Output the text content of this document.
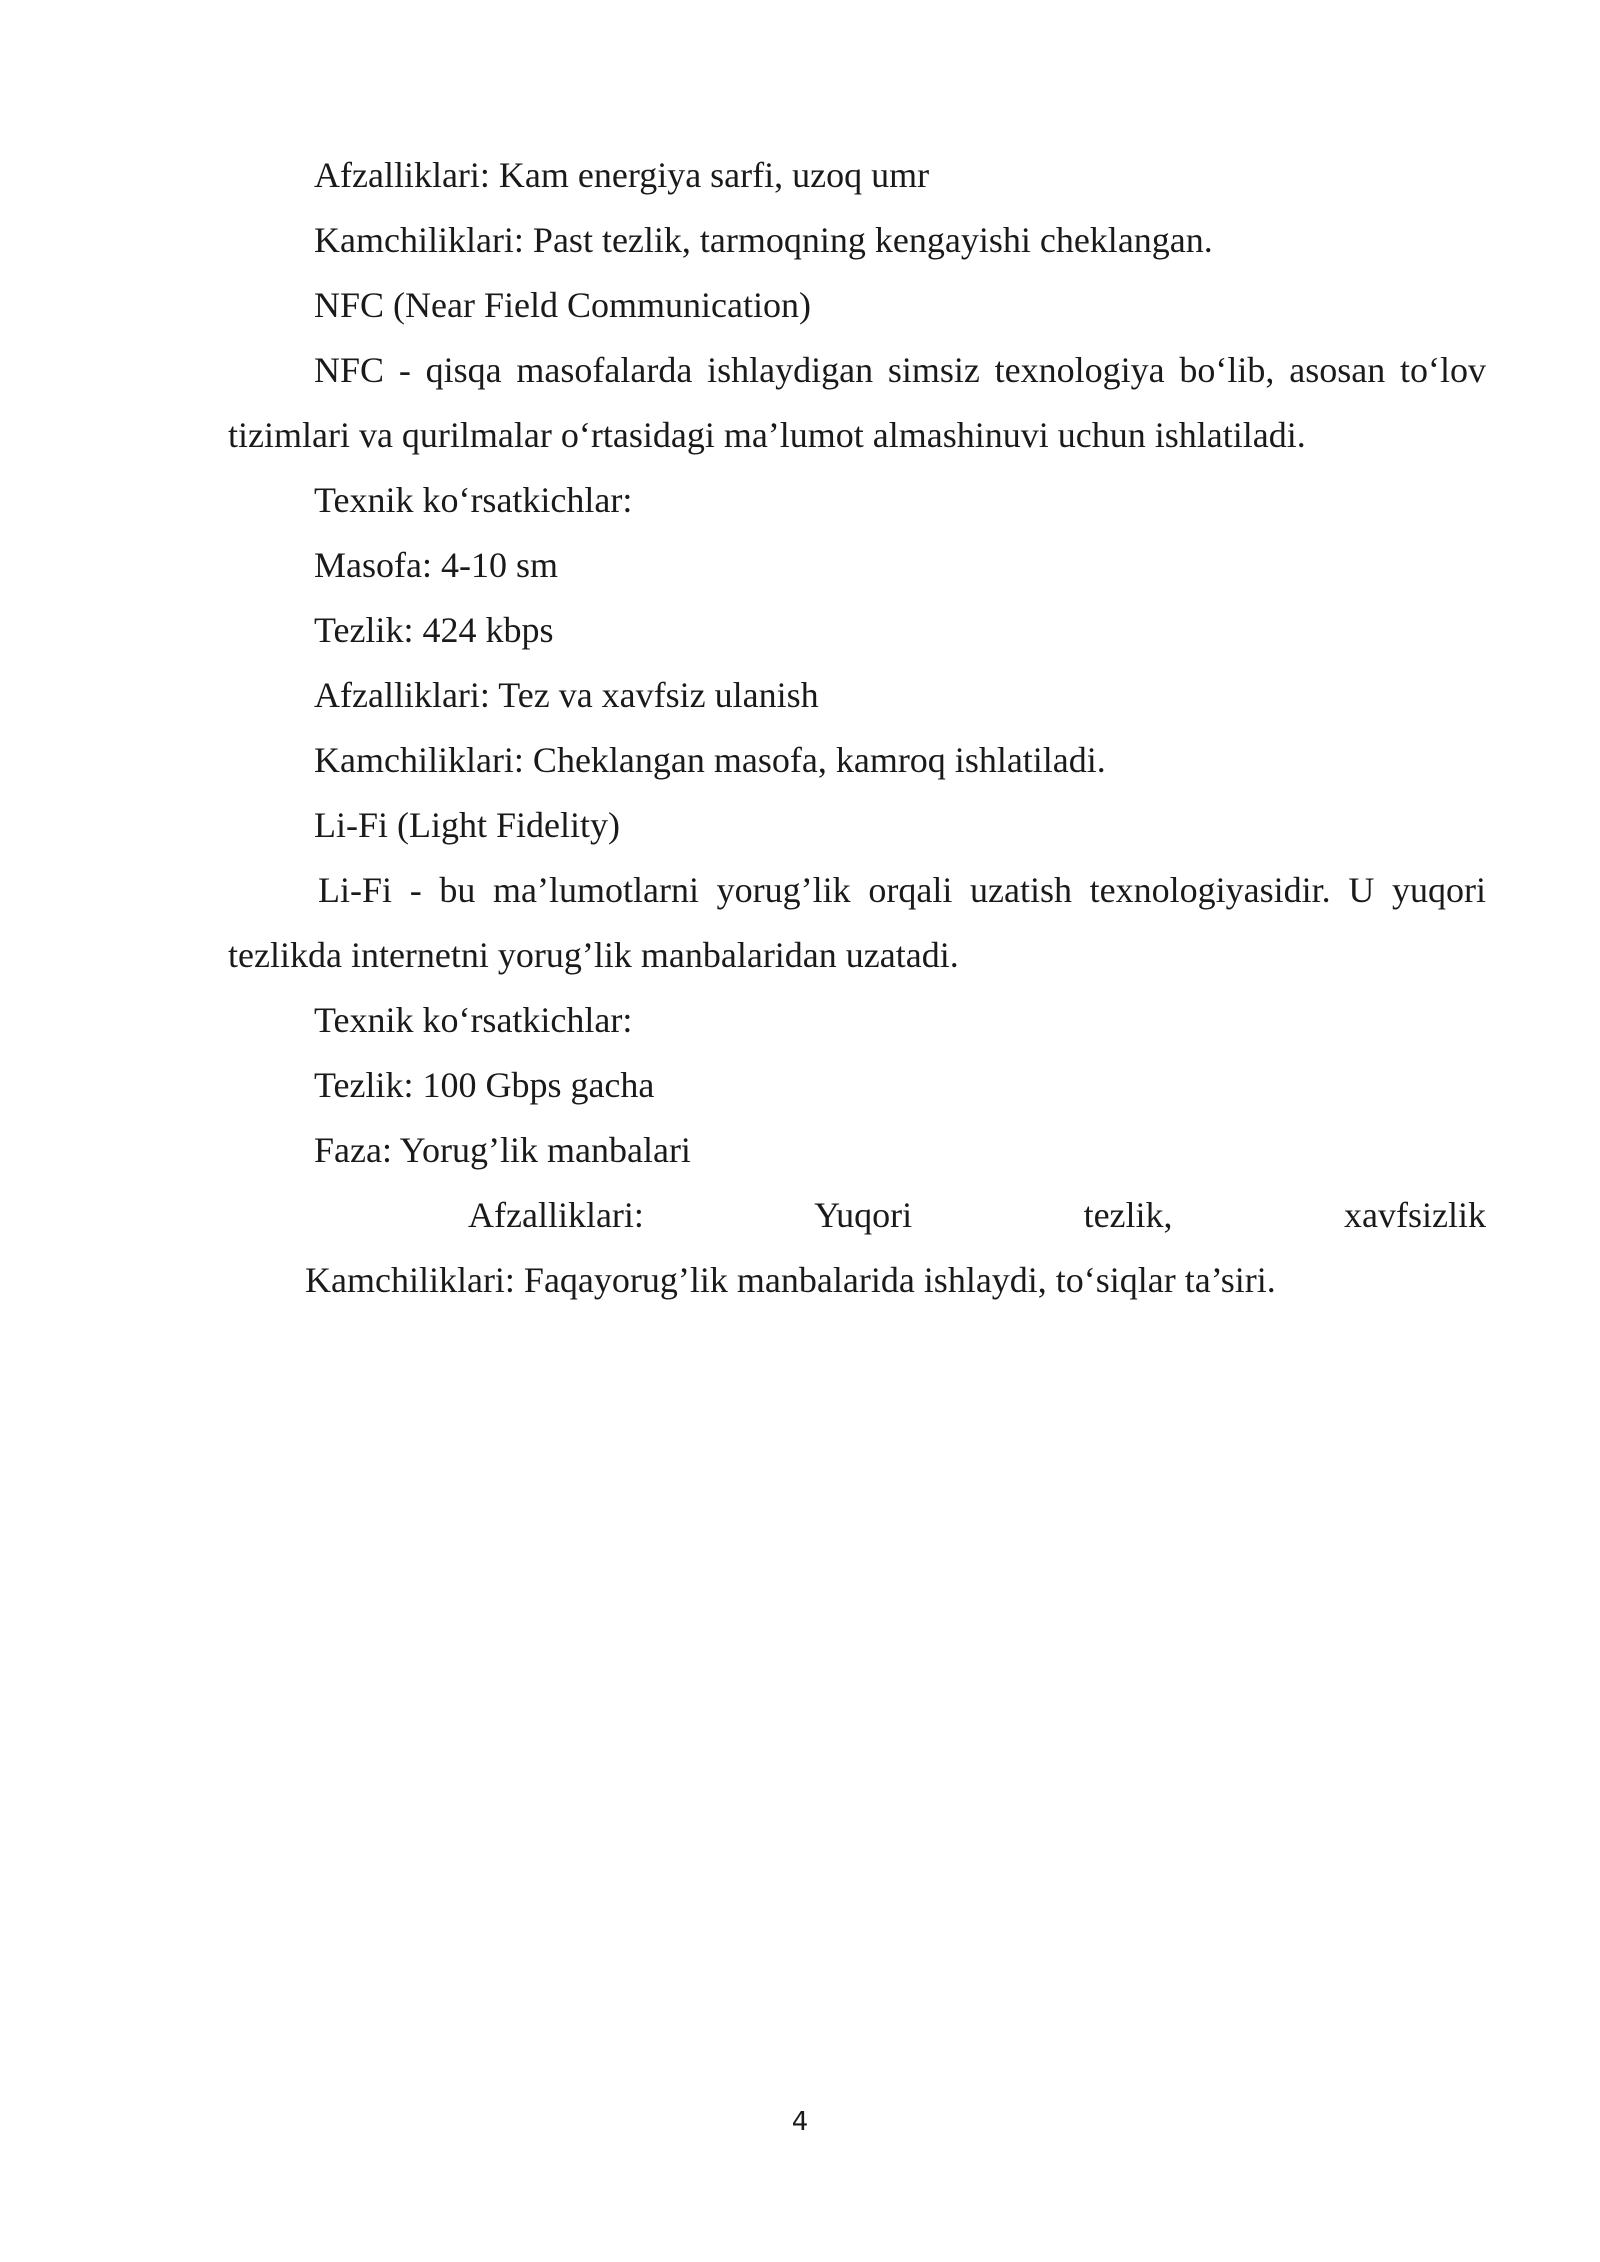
Afzalliklari: Kam energiya sarfi, uzoq umr

Kamchiliklari: Past tezlik, tarmoqning kengayishi cheklangan.

NFC (Near Field Communication)

NFC - qisqa masofalarda ishlaydigan simsiz texnologiya bo‘lib, asosan to‘lov

tizimlari va qurilmalar o‘rtasidagi ma’lumot almashinuvi uchun ishlatiladi.

Texnik ko‘rsatkichlar:

Masofa: 4-10 sm

Tezlik: 424 kbps

Afzalliklari: Tez va xavfsiz ulanish

Kamchiliklari: Cheklangan masofa, kamroq ishlatiladi.

Li-Fi (Light Fidelity)

Li-Fi - bu ma’lumotlarni yorug’lik orqali uzatish texnologiyasidir. U yuqori

tezlikda internetni yorug’lik manbalaridan uzatadi.

Texnik ko‘rsatkichlar:

Tezlik: 100 Gbps gacha

Faza: Yorug’lik manbalari

Afzalliklari: Yuqori tezlik, xavfsizlik

Kamchiliklari: Faqayorug’lik manbalarida ishlaydi, to‘siqlar ta’siri.

4
